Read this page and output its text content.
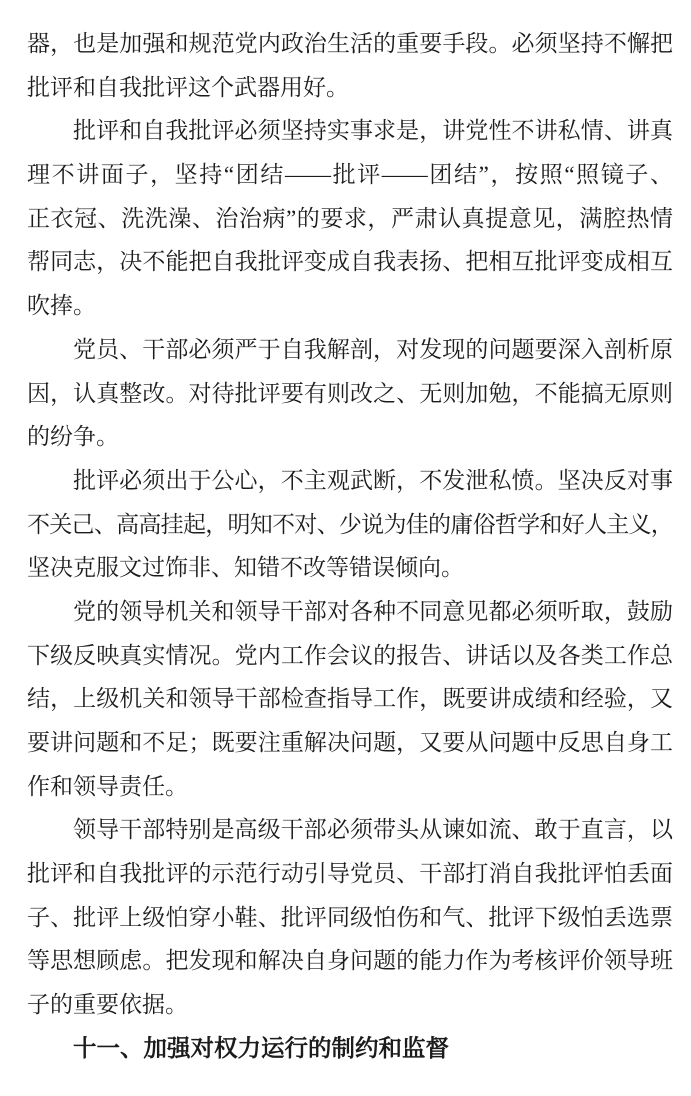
器，也是加强和规范党内政治生活的重要手段。必须坚持不懈把
批评和自我批评这个武器用好。
批评和自我批评必须坚持实事求是，讲党性不讲私情、讲真
理不讲面子，坚持“团结——批评——团结”，按照“照镜子、
正衣冠、洗洗澡、治治病”的要求，严肃认真提意见，满腔热情
帮同志，决不能把自我批评变成自我表扬、把相互批评变成相互
吹捧。
党员、干部必须严于自我解剖，对发现的问题要深入剖析原
因，认真整改。对待批评要有则改之、无则加勉，不能搞无原则
的纷争。
批评必须出于公心，不主观武断，不发泄私愤。坚决反对事
不关己、高高挂起，明知不对、少说为佳的庸俗哲学和好人主义，
坚决克服文过饰非、知错不改等错误倾向。
党的领导机关和领导干部对各种不同意见都必须听取，鼓励
下级反映真实情况。党内工作会议的报告、讲话以及各类工作总
结，上级机关和领导干部检查指导工作，既要讲成绩和经验，又
要讲问题和不足；既要注重解决问题，又要从问题中反思自身工
作和领导责任。
领导干部特别是高级干部必须带头从谏如流、敢于直言，以
批评和自我批评的示范行动引导党员、干部打消自我批评怕丢面
子、批评上级怕穿小鞋、批评同级怕伤和气、批评下级怕丢选票
等思想顾虑。把发现和解决自身问题的能力作为考核评价领导班
子的重要依据。
十一、加强对权力运行的制约和监督
